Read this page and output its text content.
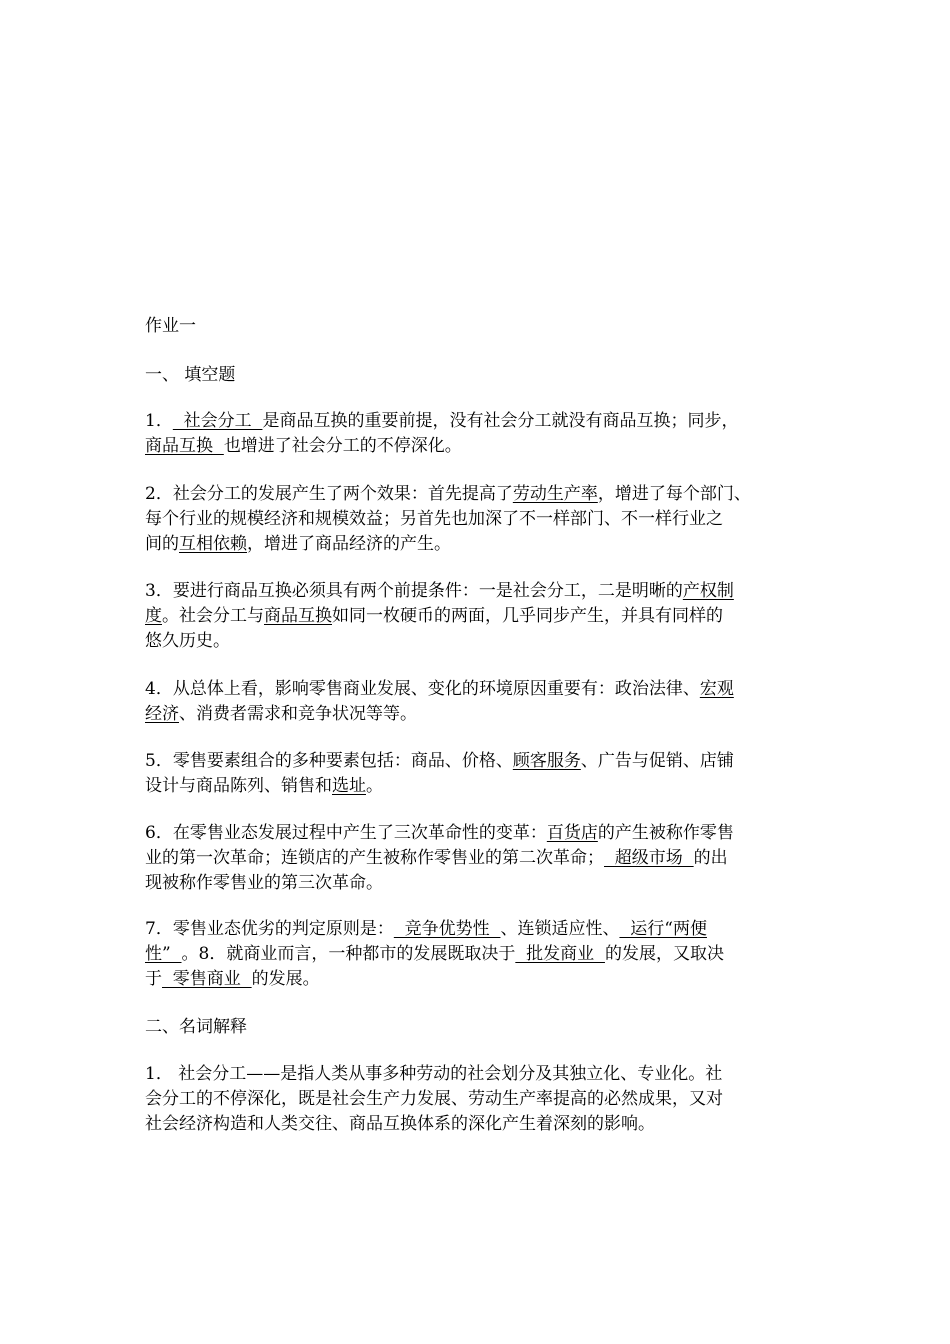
作业一
一、 填空题
1．  社会分工  是商品互换的重要前提，没有社会分工就没有商品互换；同步，
商品互换  也增进了社会分工的不停深化。
2．社会分工的发展产生了两个效果：首先提高了劳动生产率，增进了每个部门、
每个行业的规模经济和规模效益；另首先也加深了不一样部门、不一样行业之
间的互相依赖，增进了商品经济的产生。
3．要进行商品互换必须具有两个前提条件：一是社会分工，二是明晰的产权制
度。社会分工与商品互换如同一枚硬币的两面，几乎同步产生，并具有同样的
悠久历史。
4．从总体上看，影响零售商业发展、变化的环境原因重要有：政治法律、宏观
经济、消费者需求和竞争状况等等。
5．零售要素组合的多种要素包括：商品、价格、顾客服务、广告与促销、店铺
设计与商品陈列、销售和选址。
6．在零售业态发展过程中产生了三次革命性的变革：百货店的产生被称作零售
业的第一次革命；连锁店的产生被称作零售业的第二次革命；  超级市场  的出
现被称作零售业的第三次革命。
7．零售业态优劣的判定原则是：  竞争优势性  、连锁适应性、  运行“两便
性”  。8．就商业而言，一种都市的发展既取决于  批发商业  的发展，又取决
于  零售商业  的发展。
二、名词解释
1． 社会分工——是指人类从事多种劳动的社会划分及其独立化、专业化。社
会分工的不停深化，既是社会生产力发展、劳动生产率提高的必然成果，又对
社会经济构造和人类交往、商品互换体系的深化产生着深刻的影响。
